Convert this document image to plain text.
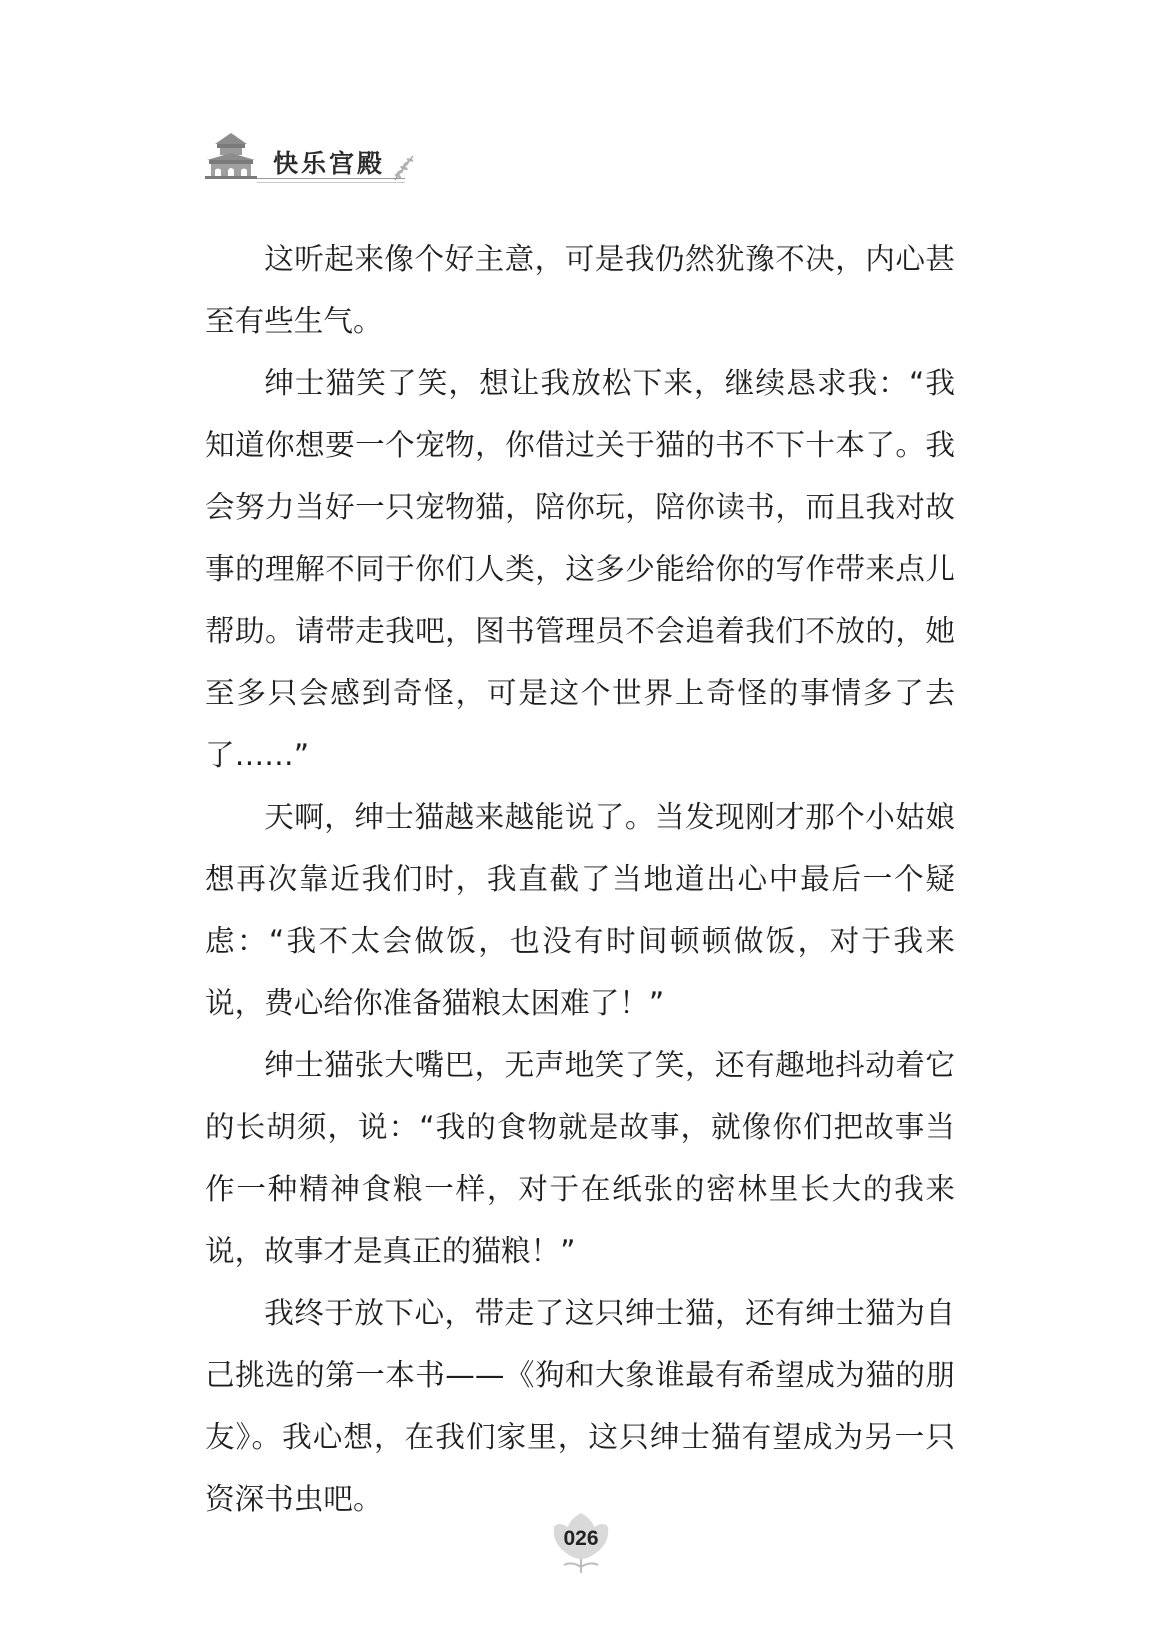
快乐宫殿

这听起来像个好主意，可是我仍然犹豫不决，内心甚至有些生气。

绅士猫笑了笑，想让我放松下来，继续恳求我：“我知道你想要一个宠物，你借过关于猫的书不下十本了。我会努力当好一只宠物猫，陪你玩，陪你读书，而且我对故事的理解不同于你们人类，这多少能给你的写作带来点儿帮助。请带走我吧，图书管理员不会追着我们不放的，她至多只会感到奇怪，可是这个世界上奇怪的事情多了去了……”

天啊，绅士猫越来越能说了。当发现刚才那个小姑娘想再次靠近我们时，我直截了当地道出心中最后一个疑虑：“我不太会做饭，也没有时间顿顿做饭，对于我来说，费心给你准备猫粮太困难了！”

绅士猫张大嘴巴，无声地笑了笑，还有趣地抖动着它的长胡须，说：“我的食物就是故事，就像你们把故事当作一种精神食粮一样，对于在纸张的密林里长大的我来说，故事才是真正的猫粮！”

我终于放下心，带走了这只绅士猫，还有绅士猫为自己挑选的第一本书——《狗和大象谁最有希望成为猫的朋友》。我心想，在我们家里，这只绅士猫有望成为另一只资深书虫吧。

026
